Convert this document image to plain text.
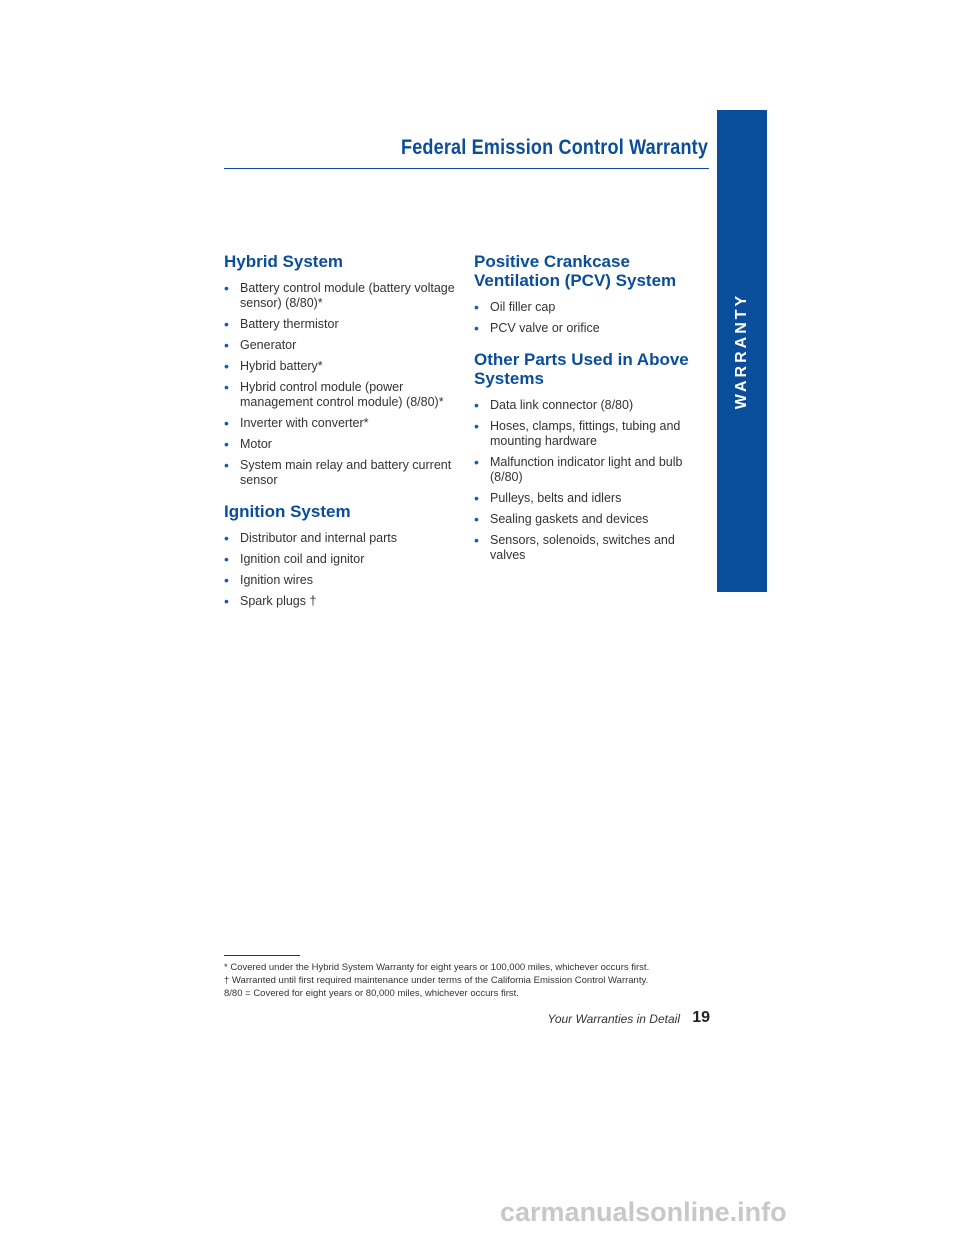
Federal Emission Control Warranty
WARRANTY
Hybrid System
• Battery control module (battery voltage sensor) (8/80)*
• Battery thermistor
• Generator
• Hybrid battery*
• Hybrid control module (power management control module) (8/80)*
• Inverter with converter*
• Motor
• System main relay and battery current sensor
Ignition System
• Distributor and internal parts
• Ignition coil and ignitor
• Ignition wires
• Spark plugs †
Positive Crankcase Ventilation (PCV) System
• Oil filler cap
• PCV valve or orifice
Other Parts Used in Above Systems
• Data link connector (8/80)
• Hoses, clamps, fittings, tubing and mounting hardware
• Malfunction indicator light and bulb (8/80)
• Pulleys, belts and idlers
• Sealing gaskets and devices
• Sensors, solenoids, switches and valves

* Covered under the Hybrid System Warranty for eight years or 100,000 miles, whichever occurs first.

† Warranted until first required maintenance under terms of the California Emission Control Warranty.

8/80 = Covered for eight years or 80,000 miles, whichever occurs first.

Your Warranties in Detail 19
carmanualsonline.info
